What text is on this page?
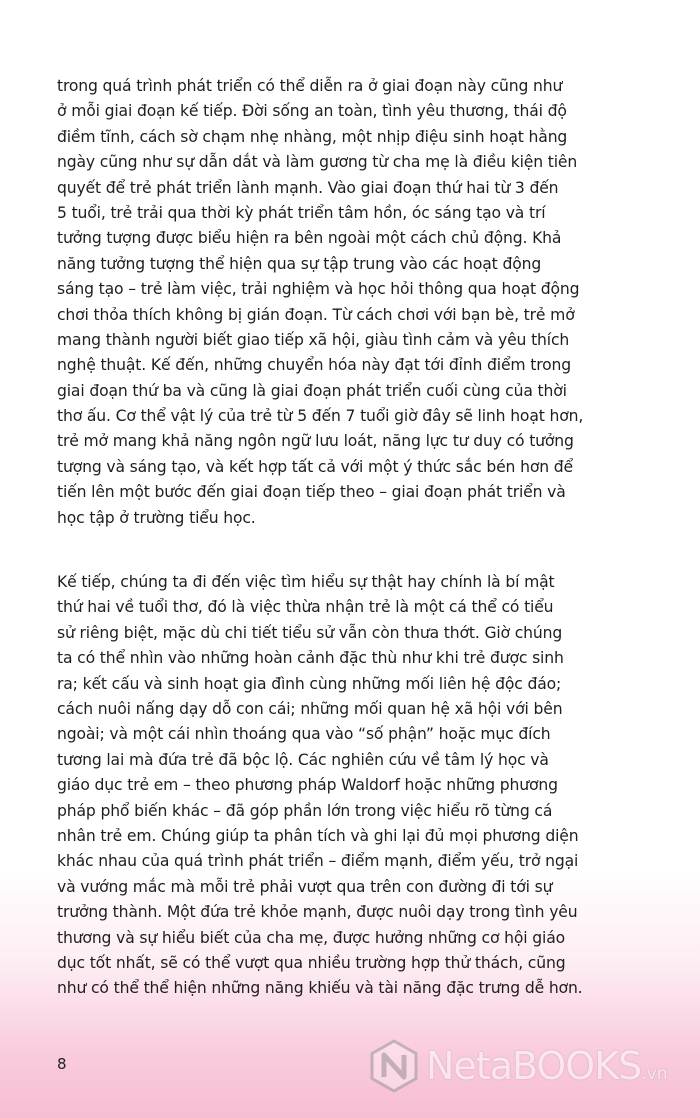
trong quá trình phát triển có thể diễn ra ở giai đoạn này cũng như
ở mỗi giai đoạn kế tiếp. Đời sống an toàn, tình yêu thương, thái độ
điềm tĩnh, cách sờ chạm nhẹ nhàng, một nhịp điệu sinh hoạt hằng
ngày cũng như sự dẫn dắt và làm gương từ cha mẹ là điều kiện tiên
quyết để trẻ phát triển lành mạnh. Vào giai đoạn thứ hai từ 3 đến
5 tuổi, trẻ trải qua thời kỳ phát triển tâm hồn, óc sáng tạo và trí
tưởng tượng được biểu hiện ra bên ngoài một cách chủ động. Khả
năng tưởng tượng thể hiện qua sự tập trung vào các hoạt động
sáng tạo – trẻ làm việc, trải nghiệm và học hỏi thông qua hoạt động
chơi thỏa thích không bị gián đoạn. Từ cách chơi với bạn bè, trẻ mở
mang thành người biết giao tiếp xã hội, giàu tình cảm và yêu thích
nghệ thuật. Kế đến, những chuyển hóa này đạt tới đỉnh điểm trong
giai đoạn thứ ba và cũng là giai đoạn phát triển cuối cùng của thời
thơ ấu. Cơ thể vật lý của trẻ từ 5 đến 7 tuổi giờ đây sẽ linh hoạt hơn,
trẻ mở mang khả năng ngôn ngữ lưu loát, năng lực tư duy có tưởng
tượng và sáng tạo, và kết hợp tất cả với một ý thức sắc bén hơn để
tiến lên một bước đến giai đoạn tiếp theo – giai đoạn phát triển và
học tập ở trường tiểu học.

Kế tiếp, chúng ta đi đến việc tìm hiểu sự thật hay chính là bí mật
thứ hai về tuổi thơ, đó là việc thừa nhận trẻ là một cá thể có tiểu
sử riêng biệt, mặc dù chi tiết tiểu sử vẫn còn thưa thớt. Giờ chúng
ta có thể nhìn vào những hoàn cảnh đặc thù như khi trẻ được sinh
ra; kết cấu và sinh hoạt gia đình cùng những mối liên hệ độc đáo;
cách nuôi nấng dạy dỗ con cái; những mối quan hệ xã hội với bên
ngoài; và một cái nhìn thoáng qua vào “số phận” hoặc mục đích
tương lai mà đứa trẻ đã bộc lộ. Các nghiên cứu về tâm lý học và
giáo dục trẻ em – theo phương pháp Waldorf hoặc những phương
pháp phổ biến khác – đã góp phần lớn trong việc hiểu rõ từng cá
nhân trẻ em. Chúng giúp ta phân tích và ghi lại đủ mọi phương diện
khác nhau của quá trình phát triển – điểm mạnh, điểm yếu, trở ngại
và vướng mắc mà mỗi trẻ phải vượt qua trên con đường đi tới sự
trưởng thành. Một đứa trẻ khỏe mạnh, được nuôi dạy trong tình yêu
thương và sự hiểu biết của cha mẹ, được hưởng những cơ hội giáo
dục tốt nhất, sẽ có thể vượt qua nhiều trường hợp thử thách, cũng
như có thể thể hiện những năng khiếu và tài năng đặc trưng dễ hơn.

8	NetaBOOKS.vn
